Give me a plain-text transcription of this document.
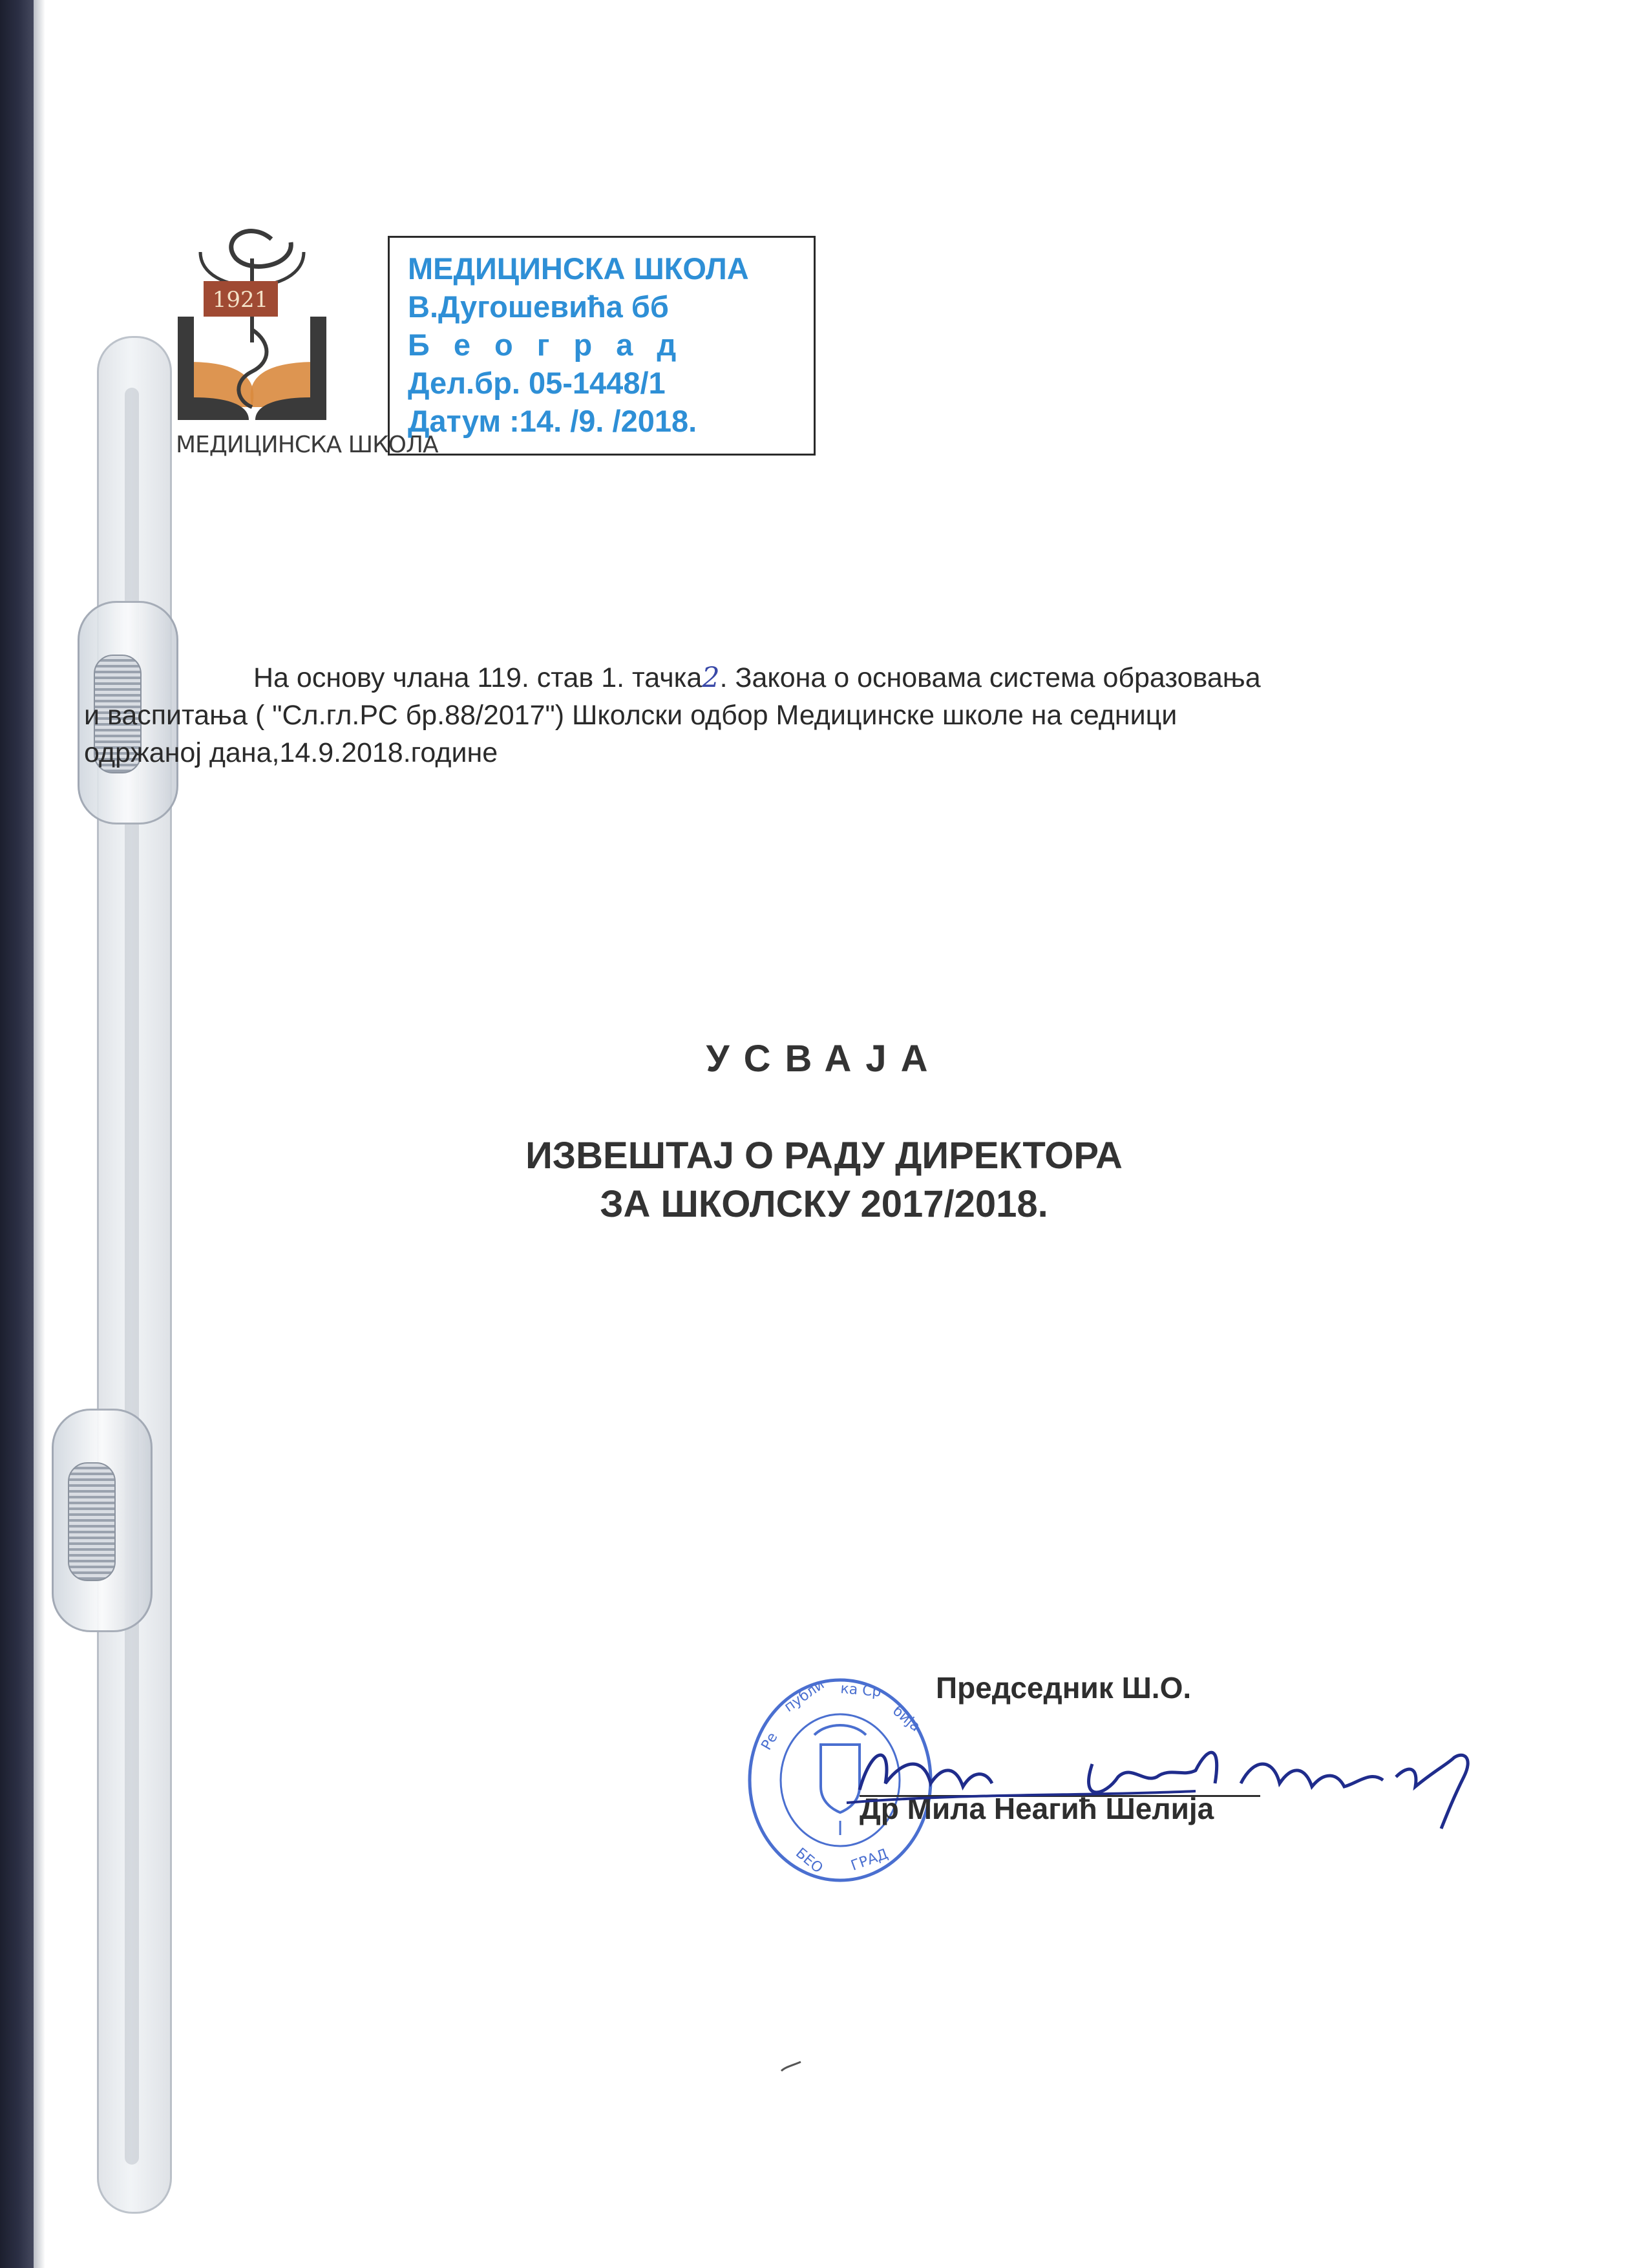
1921
МЕДИЦИНСКА ШКОЛА
МЕДИЦИНСКА ШКОЛА
В.Дугошевића бб
Б е о г р а д
Дел.бр. 05-1448/1
Датум :14. /9. /2018.
На основу члана 119. став 1. тачка2. Закона о основама система образовања
и васпитања ( "Сл.гл.РС бр.88/2017") Школски одбор Медицинске школе на седници
одржаној дана,14.9.2018.године
УСВАЈА
ИЗВЕШТАЈ О РАДУ ДИРЕКТОРА
ЗА ШКОЛСКУ 2017/2018.
I
Ре
публи ка Ср
бија
БЕО ГРАД
Председник Ш.О.
Др Мила Неагић Шелија
